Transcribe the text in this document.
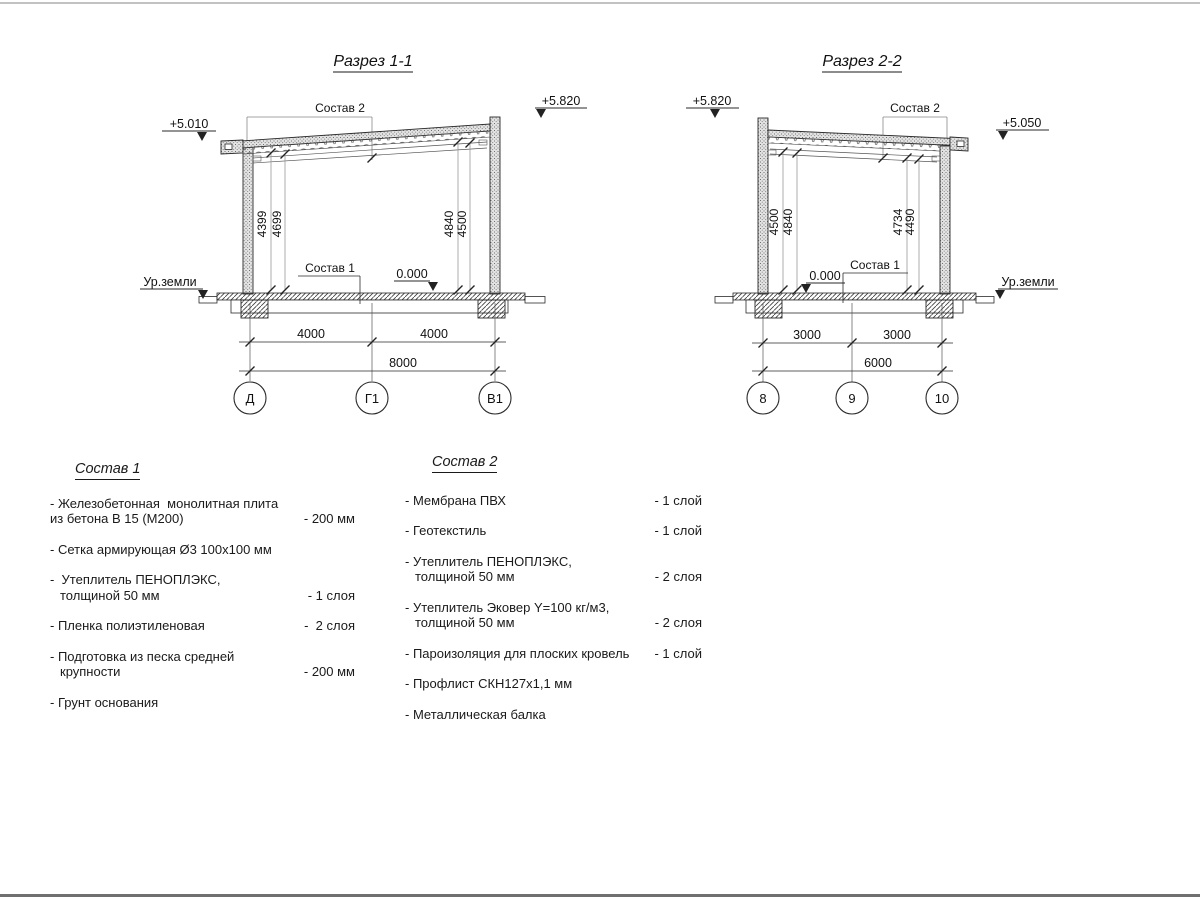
Разрез 1-1
Состав 2
4399 4699	4840 4500
Состав 1
+5.010
+5.820
0.000
Ур.земли
4000	4000
8000
Д	Г1	В1
Разрез 2-2
Состав 2
4500 4840	4734
4490
Состав 1
+5.820
+5.050
0.000	Ур.земли
3000	3000
6000
8	9	10
Состав 1
- Железобетонная  монолитная плита
из бетона В 15 (М200)	- 200 мм
- Сетка армирующая Ø3 100х100 мм
-  Утеплитель ПЕНОПЛЭКС,
толщиной 50 мм	- 1 слоя
- Пленка полиэтиленовая	-  2 слоя
- Подготовка из песка средней
крупности	- 200 мм
- Грунт основания
Состав 2
- Мембрана ПВХ	- 1 слой
- Геотекстиль	- 1 слой
- Утеплитель ПЕНОПЛЭКС,
толщиной 50 мм	- 2 слоя
- Утеплитель Эковер Y=100 кг/м3,
толщиной 50 мм	- 2 слоя
- Пароизоляция для плоских кровель	- 1 слой
- Профлист СКН127х1,1 мм
- Металлическая балка
